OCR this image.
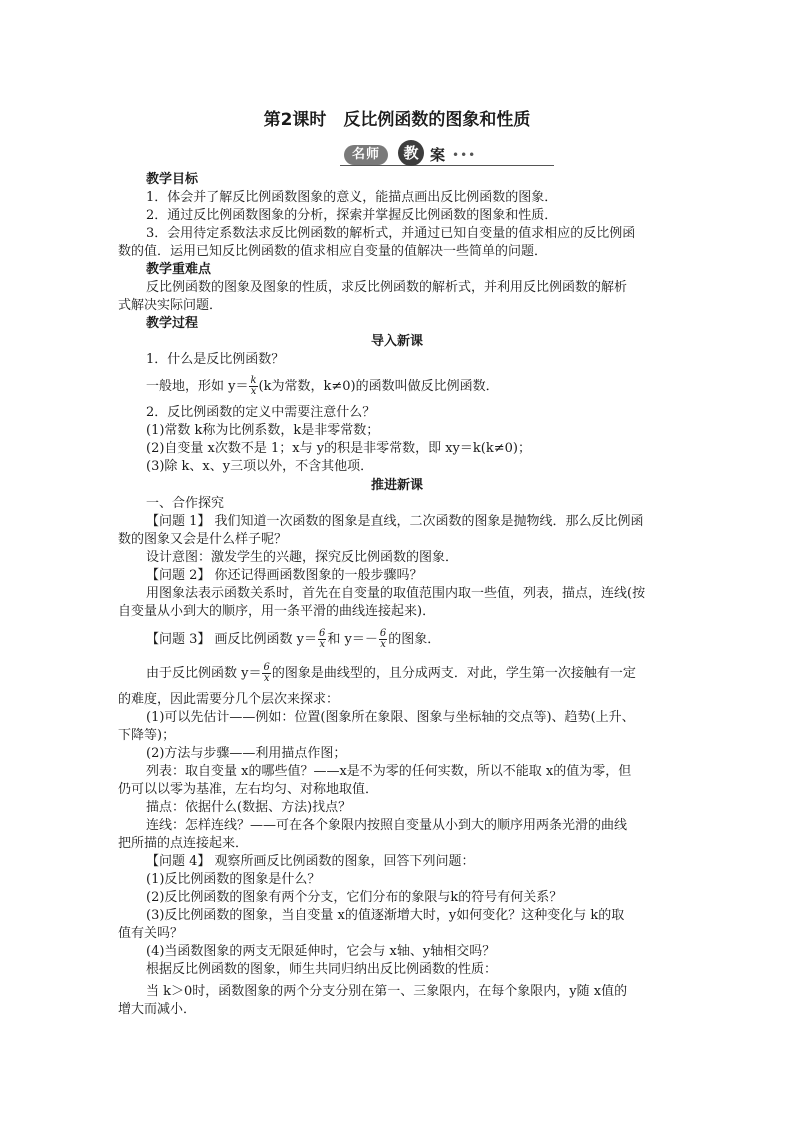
第2课时　反比例函数的图象和性质
名师	教 案 •••
教学目标
1．体会并了解反比例函数图象的意义，能描点画出反比例函数的图象．
2．通过反比例函数图象的分析，探索并掌握反比例函数的图象和性质．
3．会用待定系数法求反比例函数的解析式，并通过已知自变量的值求相应的反比例函
数的值．运用已知反比例函数的值求相应自变量的值解决一些简单的问题．
教学重难点
反比例函数的图象及图象的性质，求反比例函数的解析式，并利用反比例函数的解析
式解决实际问题．
教学过程
导入新课
1．什么是反比例函数？
一般地，形如 $y= \frac{k}{x} (k$为常数，k≠0)的函数叫做反比例函数．
2．反比例函数的定义中需要注意什么？
(1)常数 k称为比例系数，k是非零常数；
(2)自变量 x次数不是 1；x与 y的积是非零常数，即 xy＝k(k≠0)；
(3)除 k、x、y三项以外，不含其他项．
推进新课
一、合作探究
【问题 1】 我们知道一次函数的图象是直线，二次函数的图象是抛物线．那么反比例函
数的图象又会是什么样子呢？
设计意图：激发学生的兴趣，探究反比例函数的图象．
【问题 2】 你还记得画函数图象的一般步骤吗？
用图象法表示函数关系时，首先在自变量的取值范围内取一些值，列表，描点，连线(按
自变量从小到大的顺序，用一条平滑的曲线连接起来)．
【问题 3】 画反比例函数 $y= \frac{6}{x}$ 和 $y=- \frac{6}{x}$ 的图象．
由于反比例函数 $y= \frac{6}{x}$ 的图象是曲线型的，且分成两支．对此，学生第一次接触有一定
的难度，因此需要分几个层次来探求：
(1)可以先估计——例如：位置(图象所在象限、图象与坐标轴的交点等)、趋势(上升、
下降等)；
(2)方法与步骤——利用描点作图；
列表：取自变量 x的哪些值？——x是不为零的任何实数，所以不能取 x的值为零，但
仍可以以零为基准，左右均匀、对称地取值．
描点：依据什么(数据、方法)找点？
连线：怎样连线？——可在各个象限内按照自变量从小到大的顺序用两条光滑的曲线
把所描的点连接起来．
【问题 4】 观察所画反比例函数的图象，回答下列问题：
(1)反比例函数的图象是什么？
(2)反比例函数的图象有两个分支，它们分布的象限与k的符号有何关系？
(3)反比例函数的图象，当自变量 x的值逐渐增大时，y如何变化？这种变化与 k的取
值有关吗？
(4)当函数图象的两支无限延伸时，它会与 x轴、y轴相交吗？
根据反比例函数的图象，师生共同归纳出反比例函数的性质：
当 k＞0时，函数图象的两个分支分别在第一、三象限内，在每个象限内，y随 x值的
增大而减小．
